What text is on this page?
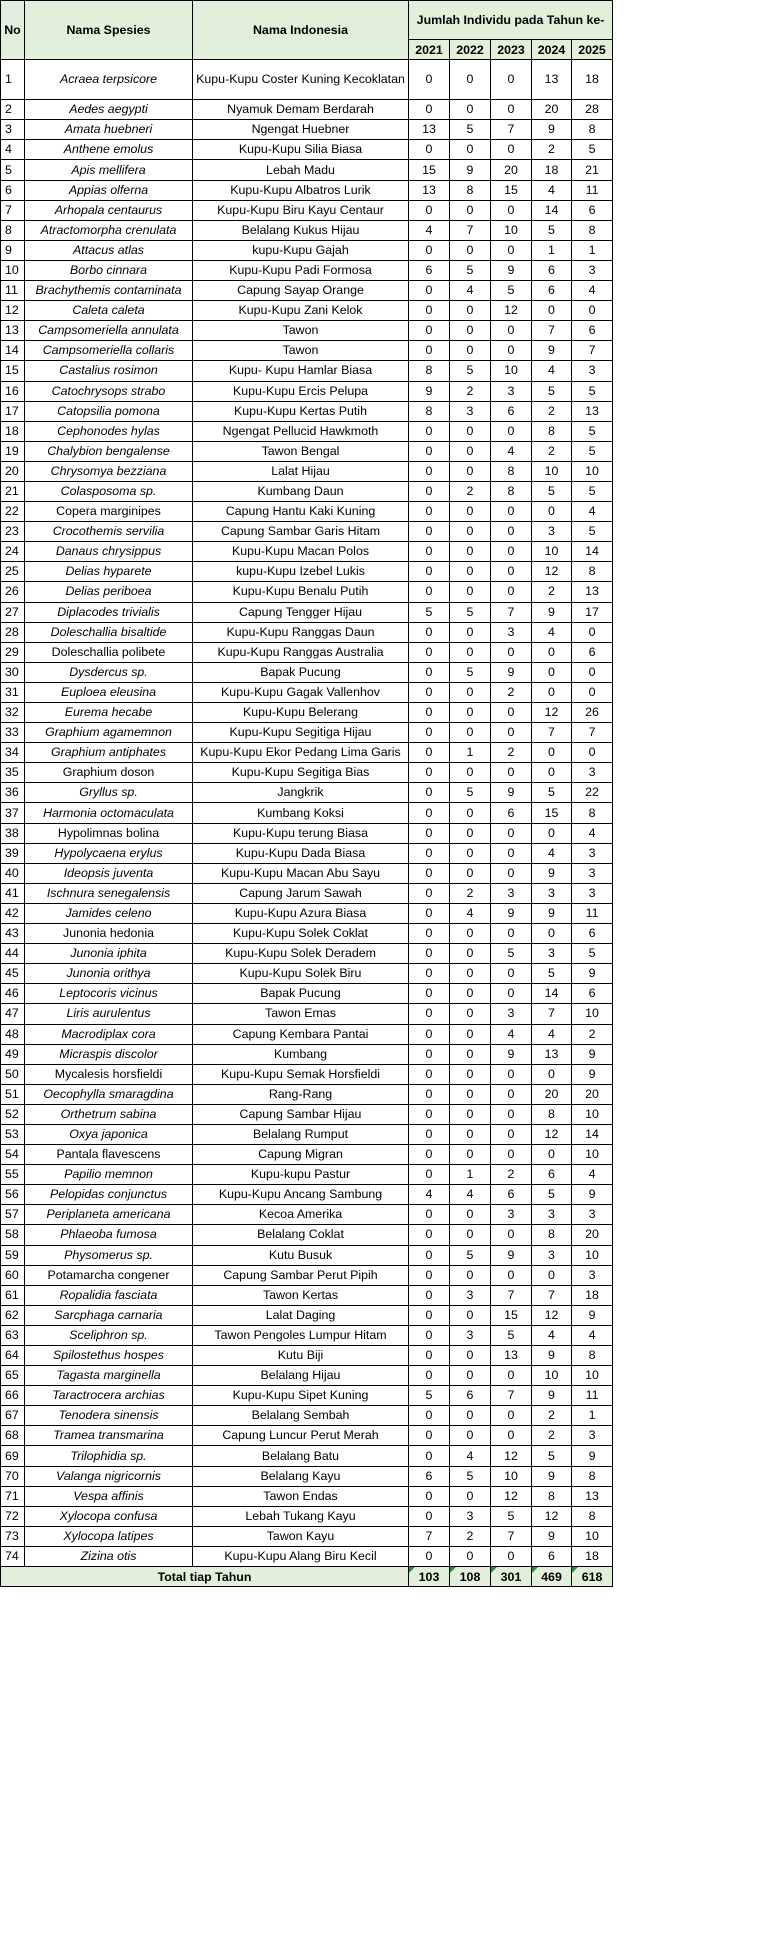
No	Nama Spesies	Nama Indonesia	Jumlah Individu pada Tahun ke-				
			2021	2022	2023	2024	2025
1	Acraea terpsicore	Kupu-Kupu Coster Kuning Kecoklatan	0	0	0	13	18
2	Aedes aegypti	Nyamuk Demam Berdarah	0	0	0	20	28
3	Amata huebneri	Ngengat Huebner	13	5	7	9	8
4	Anthene emolus	Kupu-Kupu Silia Biasa	0	0	0	2	5
5	Apis mellifera	Lebah Madu	15	9	20	18	21
6	Appias olferna	Kupu-Kupu Albatros Lurik	13	8	15	4	11
7	Arhopala centaurus	Kupu-Kupu Biru Kayu Centaur	0	0	0	14	6
8	Atractomorpha crenulata	Belalang Kukus Hijau	4	7	10	5	8
9	Attacus atlas	kupu-Kupu Gajah	0	0	0	1	1
10	Borbo cinnara	Kupu-Kupu Padi Formosa	6	5	9	6	3
11	Brachythemis contaminata	Capung Sayap Orange	0	4	5	6	4
12	Caleta caleta	Kupu-Kupu Zani Kelok	0	0	12	0	0
13	Campsomeriella annulata	Tawon	0	0	0	7	6
14	Campsomeriella collaris	Tawon	0	0	0	9	7
15	Castalius rosimon	Kupu- Kupu Hamlar Biasa	8	5	10	4	3
16	Catochrysops strabo	Kupu-Kupu Ercis Pelupa	9	2	3	5	5
17	Catopsilia pomona	Kupu-Kupu Kertas Putih	8	3	6	2	13
18	Cephonodes hylas	Ngengat Pellucid Hawkmoth	0	0	0	8	5
19	Chalybion bengalense	Tawon Bengal	0	0	4	2	5
20	Chrysomya bezziana	Lalat Hijau	0	0	8	10	10
21	Colasposoma sp.	Kumbang Daun	0	2	8	5	5
22	Copera marginipes	Capung Hantu Kaki Kuning	0	0	0	0	4
23	Crocothemis servilia	Capung Sambar Garis Hitam	0	0	0	3	5
24	Danaus chrysippus	Kupu-Kupu Macan Polos	0	0	0	10	14
25	Delias hyparete	kupu-Kupu Izebel Lukis	0	0	0	12	8
26	Delias periboea	Kupu-Kupu Benalu Putih	0	0	0	2	13
27	Diplacodes trivialis	Capung Tengger Hijau	5	5	7	9	17
28	Doleschallia bisaltide	Kupu-Kupu Ranggas Daun	0	0	3	4	0
29	Doleschallia polibete	Kupu-Kupu Ranggas Australia	0	0	0	0	6
30	Dysdercus sp.	Bapak Pucung	0	5	9	0	0
31	Euploea eleusina	Kupu-Kupu Gagak Vallenhov	0	0	2	0	0
32	Eurema hecabe	Kupu-Kupu Belerang	0	0	0	12	26
33	Graphium agamemnon	Kupu-Kupu Segitiga Hijau	0	0	0	7	7
34	Graphium antiphates	Kupu-Kupu Ekor Pedang Lima Garis	0	1	2	0	0
35	Graphium doson	Kupu-Kupu Segitiga Bias	0	0	0	0	3
36	Gryllus sp.	Jangkrik	0	5	9	5	22
37	Harmonia octomaculata	Kumbang Koksi	0	0	6	15	8
38	Hypolimnas bolina	Kupu-Kupu terung Biasa	0	0	0	0	4
39	Hypolycaena erylus	Kupu-Kupu Dada Biasa	0	0	0	4	3
40	Ideopsis juventa	Kupu-Kupu Macan Abu Sayu	0	0	0	9	3
41	Ischnura senegalensis	Capung Jarum Sawah	0	2	3	3	3
42	Jamides celeno	Kupu-Kupu Azura Biasa	0	4	9	9	11
43	Junonia hedonia	Kupu-Kupu Solek Coklat	0	0	0	0	6
44	Junonia iphita	Kupu-Kupu Solek Deradem	0	0	5	3	5
45	Junonia orithya	Kupu-Kupu Solek Biru	0	0	0	5	9
46	Leptocoris vicinus	Bapak Pucung	0	0	0	14	6
47	Liris aurulentus	Tawon Emas	0	0	3	7	10
48	Macrodiplax cora	Capung Kembara Pantai	0	0	4	4	2
49	Micraspis discolor	Kumbang	0	0	9	13	9
50	Mycalesis horsfieldi	Kupu-Kupu Semak Horsfieldi	0	0	0	0	9
51	Oecophylla smaragdina	Rang-Rang	0	0	0	20	20
52	Orthetrum sabina	Capung Sambar Hijau	0	0	0	8	10
53	Oxya japonica	Belalang Rumput	0	0	0	12	14
54	Pantala flavescens	Capung Migran	0	0	0	0	10
55	Papilio memnon	Kupu-kupu Pastur	0	1	2	6	4
56	Pelopidas conjunctus	Kupu-Kupu Ancang Sambung	4	4	6	5	9
57	Periplaneta americana	Kecoa Amerika	0	0	3	3	3
58	Phlaeoba fumosa	Belalang Coklat	0	0	0	8	20
59	Physomerus sp.	Kutu Busuk	0	5	9	3	10
60	Potamarcha congener	Capung Sambar Perut Pipih	0	0	0	0	3
61	Ropalidia fasciata	Tawon Kertas	0	3	7	7	18
62	Sarcphaga carnaria	Lalat Daging	0	0	15	12	9
63	Sceliphron sp.	Tawon Pengoles Lumpur Hitam	0	3	5	4	4
64	Spilostethus hospes	Kutu Biji	0	0	13	9	8
65	Tagasta marginella	Belalang Hijau	0	0	0	10	10
66	Taractrocera archias	Kupu-Kupu Sipet Kuning	5	6	7	9	11
67	Tenodera sinensis	Belalang Sembah	0	0	0	2	1
68	Tramea transmarina	Capung Luncur Perut Merah	0	0	0	2	3
69	Trilophidia sp.	Belalang Batu	0	4	12	5	9
70	Valanga nigricornis	Belalang Kayu	6	5	10	9	8
71	Vespa affinis	Tawon Endas	0	0	12	8	13
72	Xylocopa confusa	Lebah Tukang Kayu	0	3	5	12	8
73	Xylocopa latipes	Tawon Kayu	7	2	7	9	10
74	Zizina otis	Kupu-Kupu Alang Biru Kecil	0	0	0	6	18
Total tiap Tahun			103	108	301	469	618
